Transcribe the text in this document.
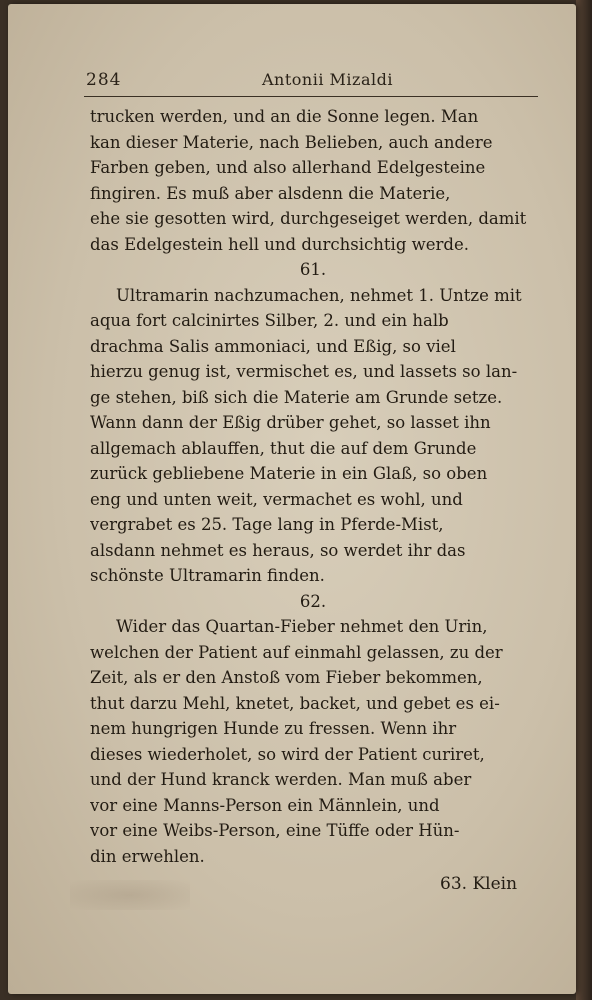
284	Antonii Mizaldi
trucken werden, und an die Sonne legen. Man
kan dieser Materie, nach Belieben, auch andere
Farben geben, und also allerhand Edelgesteine
fingiren. Es muß aber alsdenn die Materie,
ehe sie gesotten wird, durchgeseiget werden, damit
das Edelgestein hell und durchsichtig werde.
61.
Ultramarin nachzumachen, nehmet 1. Untze mit
aqua fort calcinirtes Silber, 2. und ein halb
drachma Salis ammoniaci, und Eßig, so viel
hierzu genug ist, vermischet es, und lassets so lan-
ge stehen, biß sich die Materie am Grunde setze.
Wann dann der Eßig drüber gehet, so lasset ihn
allgemach ablauffen, thut die auf dem Grunde
zurück gebliebene Materie in ein Glaß, so oben
eng und unten weit, vermachet es wohl, und
vergrabet es 25. Tage lang in Pferde-Mist,
alsdann nehmet es heraus, so werdet ihr das
schönste Ultramarin finden.
62.
Wider das Quartan-Fieber nehmet den Urin,
welchen der Patient auf einmahl gelassen, zu der
Zeit, als er den Anstoß vom Fieber bekommen,
thut darzu Mehl, knetet, backet, und gebet es ei-
nem hungrigen Hunde zu fressen. Wenn ihr
dieses wiederholet, so wird der Patient curiret,
und der Hund kranck werden. Man muß aber
vor eine Manns-Person ein Männlein, und
vor eine Weibs-Person, eine Tüffe oder Hün-
din erwehlen.
63. Klein
